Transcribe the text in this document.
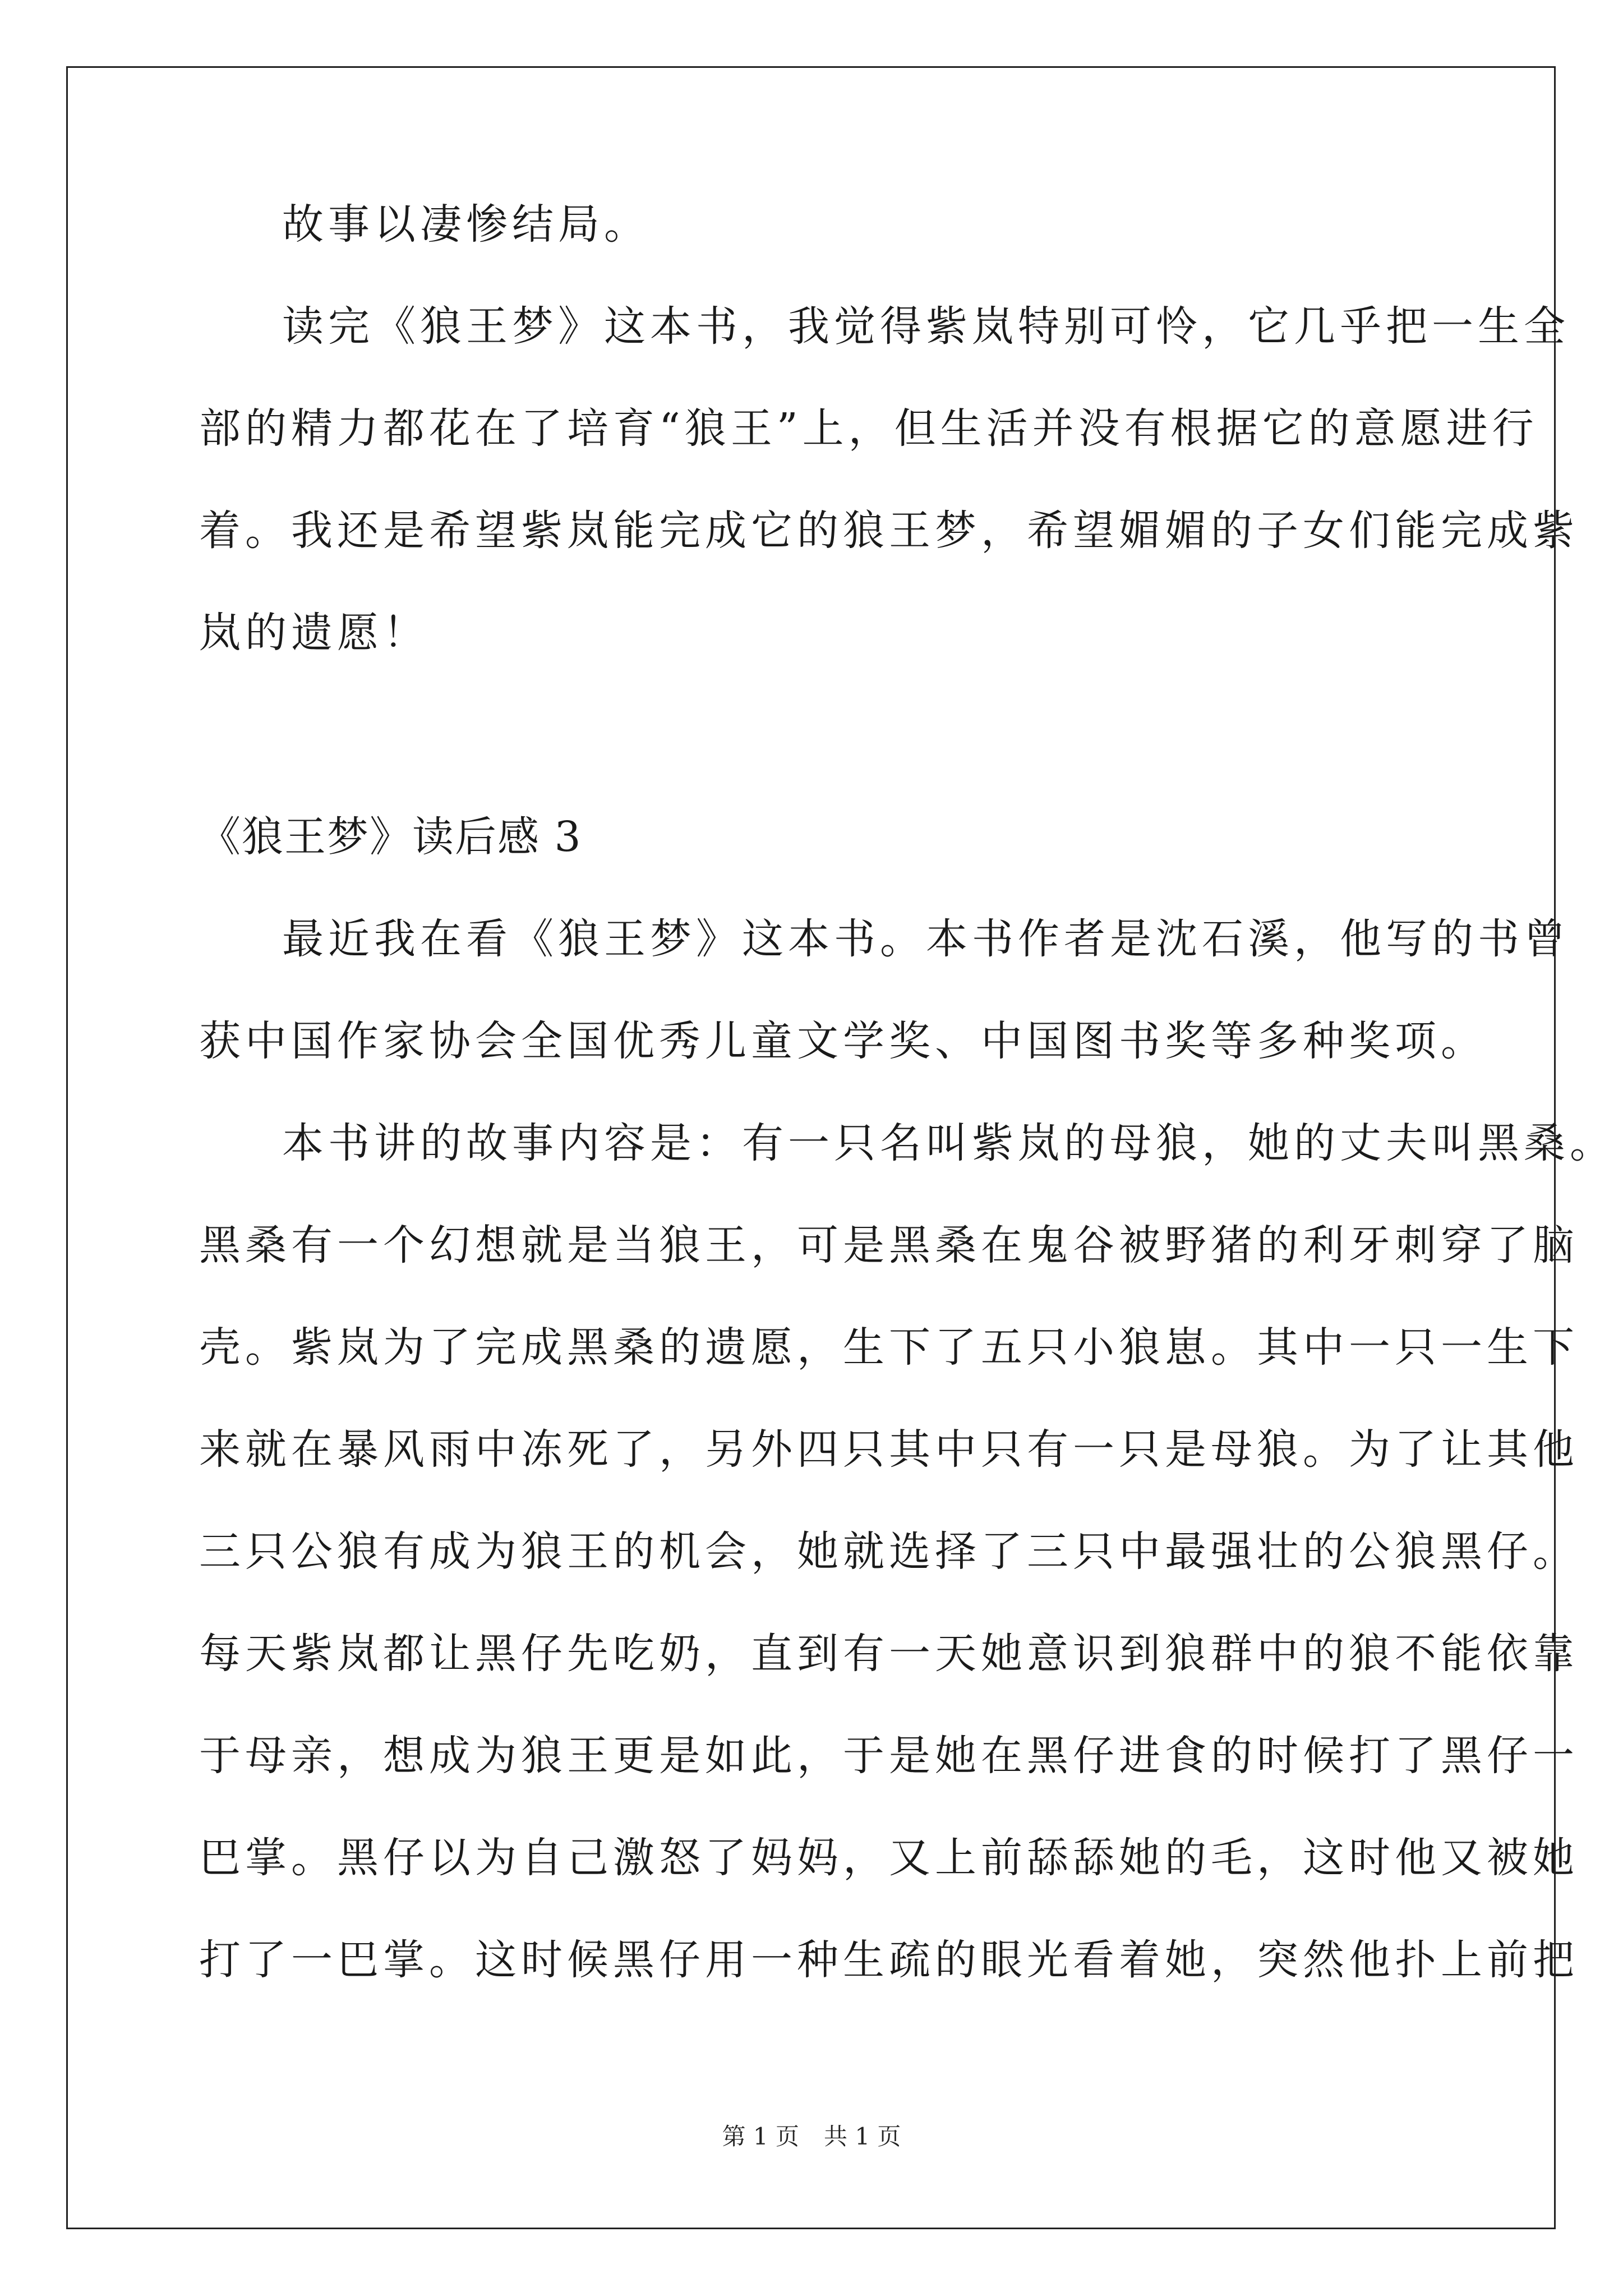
故事以凄惨结局。
读完《狼王梦》这本书，我觉得紫岚特别可怜，它几乎把一生全
部的精力都花在了培育“狼王”上，但生活并没有根据它的意愿进行
着。我还是希望紫岚能完成它的狼王梦，希望媚媚的子女们能完成紫
岚的遗愿！
《狼王梦》读后感 3
最近我在看《狼王梦》这本书。本书作者是沈石溪，他写的书曾
获中国作家协会全国优秀儿童文学奖、中国图书奖等多种奖项。
本书讲的故事内容是：有一只名叫紫岚的母狼，她的丈夫叫黑桑。
黑桑有一个幻想就是当狼王，可是黑桑在鬼谷被野猪的利牙刺穿了脑
壳。紫岚为了完成黑桑的遗愿，生下了五只小狼崽。其中一只一生下
来就在暴风雨中冻死了，另外四只其中只有一只是母狼。为了让其他
三只公狼有成为狼王的机会，她就选择了三只中最强壮的公狼黑仔。
每天紫岚都让黑仔先吃奶，直到有一天她意识到狼群中的狼不能依靠
于母亲，想成为狼王更是如此，于是她在黑仔进食的时候打了黑仔一
巴掌。黑仔以为自己激怒了妈妈，又上前舔舔她的毛，这时他又被她
打了一巴掌。这时候黑仔用一种生疏的眼光看着她，突然他扑上前把
第 1 页 共 1 页
